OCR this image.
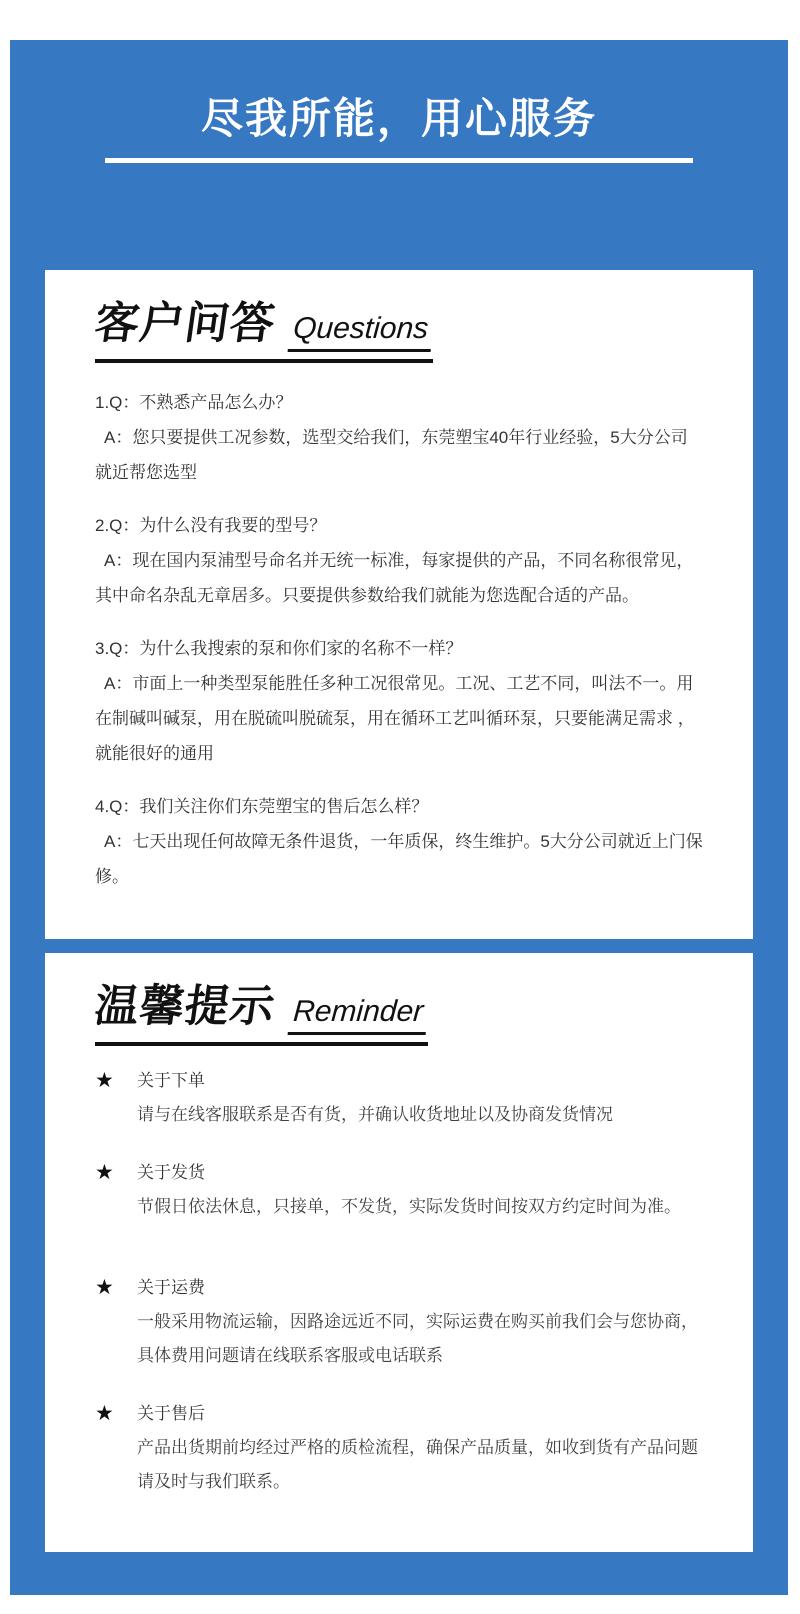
尽我所能，用心服务
客户问答 Questions
1.Q：不熟悉产品怎么办？
A：您只要提供工况参数，选型交给我们，东莞塑宝40年行业经验，5大分公司就近帮您选型
2.Q：为什么没有我要的型号？
A：现在国内泵浦型号命名并无统一标准，每家提供的产品，不同名称很常见，其中命名杂乱无章居多。只要提供参数给我们就能为您选配合适的产品。
3.Q：为什么我搜索的泵和你们家的名称不一样？
A：市面上一种类型泵能胜任多种工况很常见。工况、工艺不同，叫法不一。用在制碱叫碱泵，用在脱硫叫脱硫泵，用在循环工艺叫循环泵，只要能满足需求 ，就能很好的通用
4.Q：我们关注你们东莞塑宝的售后怎么样？
A：七天出现任何故障无条件退货，一年质保，终生维护。5大分公司就近上门保修。
温馨提示 Reminder
★	关于下单
请与在线客服联系是否有货，并确认收货地址以及协商发货情况
★	关于发货
节假日依法休息，只接单，不发货，实际发货时间按双方约定时间为准。
★	关于运费
一般采用物流运输，因路途远近不同，实际运费在购买前我们会与您协商，具体费用问题请在线联系客服或电话联系
★	关于售后
产品出货期前均经过严格的质检流程，确保产品质量，如收到货有产品问题请及时与我们联系。
